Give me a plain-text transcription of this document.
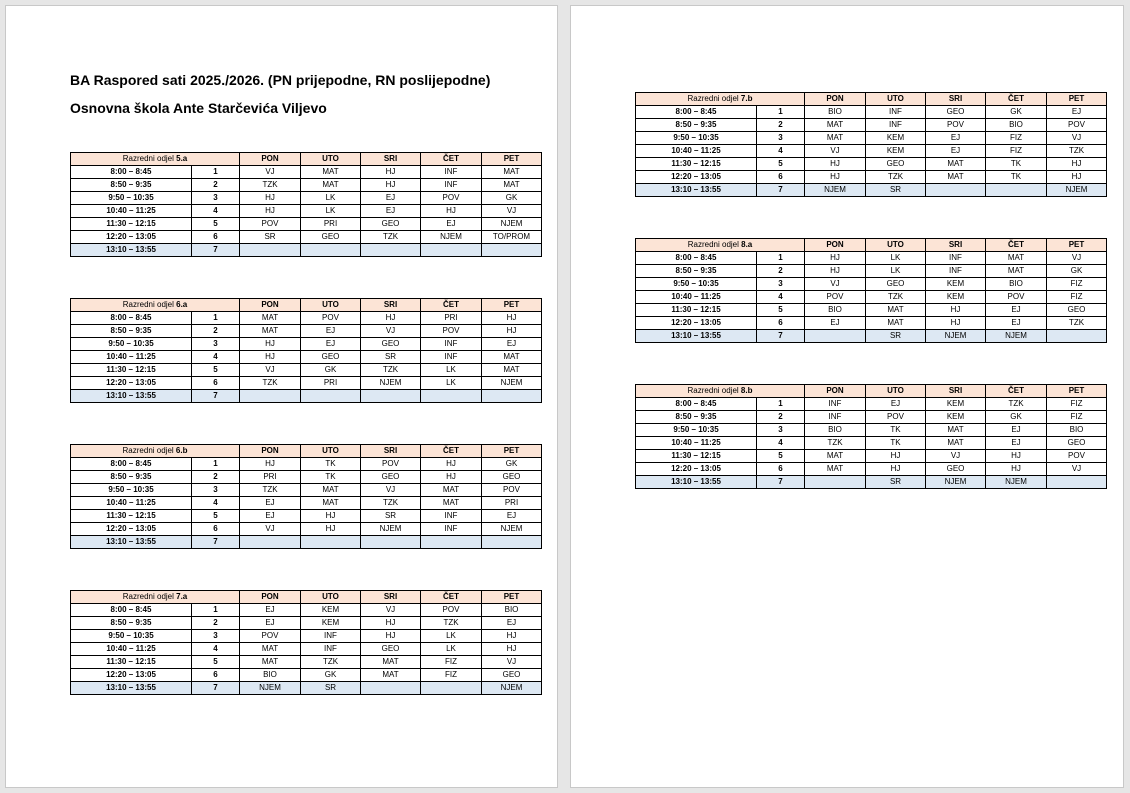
BA Raspored sati 2025./2026. (PN prijepodne, RN poslijepodne)
Osnovna škola Ante Starčevića Viljevo
Razredni odjel 5.a		PON	UTO	SRI	ČET	PET
8:00 – 8:45	1	VJ	MAT	HJ	INF	MAT
8:50 – 9:35	2	TZK	MAT	HJ	INF	MAT
9:50 – 10:35	3	HJ	LK	EJ	POV	GK
10:40 – 11:25	4	HJ	LK	EJ	HJ	VJ
11:30 – 12:15	5	POV	PRI	GEO	EJ	NJEM
12:20 – 13:05	6	SR	GEO	TZK	NJEM	TO/PROM
13:10 – 13:55	7					
Razredni odjel 6.a		PON	UTO	SRI	ČET	PET
8:00 – 8:45	1	MAT	POV	HJ	PRI	HJ
8:50 – 9:35	2	MAT	EJ	VJ	POV	HJ
9:50 – 10:35	3	HJ	EJ	GEO	INF	EJ
10:40 – 11:25	4	HJ	GEO	SR	INF	MAT
11:30 – 12:15	5	VJ	GK	TZK	LK	MAT
12:20 – 13:05	6	TZK	PRI	NJEM	LK	NJEM
13:10 – 13:55	7					
Razredni odjel 6.b		PON	UTO	SRI	ČET	PET
8:00 – 8:45	1	HJ	TK	POV	HJ	GK
8:50 – 9:35	2	PRI	TK	GEO	HJ	GEO
9:50 – 10:35	3	TZK	MAT	VJ	MAT	POV
10:40 – 11:25	4	EJ	MAT	TZK	MAT	PRI
11:30 – 12:15	5	EJ	HJ	SR	INF	EJ
12:20 – 13:05	6	VJ	HJ	NJEM	INF	NJEM
13:10 – 13:55	7					
Razredni odjel 7.a		PON	UTO	SRI	ČET	PET
8:00 – 8:45	1	EJ	KEM	VJ	POV	BIO
8:50 – 9:35	2	EJ	KEM	HJ	TZK	EJ
9:50 – 10:35	3	POV	INF	HJ	LK	HJ
10:40 – 11:25	4	MAT	INF	GEO	LK	HJ
11:30 – 12:15	5	MAT	TZK	MAT	FIZ	VJ
12:20 – 13:05	6	BIO	GK	MAT	FIZ	GEO
13:10 – 13:55	7	NJEM	SR			NJEM
Razredni odjel 7.b		PON	UTO	SRI	ČET	PET
8:00 – 8:45	1	BIO	INF	GEO	GK	EJ
8:50 – 9:35	2	MAT	INF	POV	BIO	POV
9:50 – 10:35	3	MAT	KEM	EJ	FIZ	VJ
10:40 – 11:25	4	VJ	KEM	EJ	FIZ	TZK
11:30 – 12:15	5	HJ	GEO	MAT	TK	HJ
12:20 – 13:05	6	HJ	TZK	MAT	TK	HJ
13:10 – 13:55	7	NJEM	SR			NJEM
Razredni odjel 8.a		PON	UTO	SRI	ČET	PET
8:00 – 8:45	1	HJ	LK	INF	MAT	VJ
8:50 – 9:35	2	HJ	LK	INF	MAT	GK
9:50 – 10:35	3	VJ	GEO	KEM	BIO	FIZ
10:40 – 11:25	4	POV	TZK	KEM	POV	FIZ
11:30 – 12:15	5	BIO	MAT	HJ	EJ	GEO
12:20 – 13:05	6	EJ	MAT	HJ	EJ	TZK
13:10 – 13:55	7		SR	NJEM	NJEM	
Razredni odjel 8.b		PON	UTO	SRI	ČET	PET
8:00 – 8:45	1	INF	EJ	KEM	TZK	FIZ
8:50 – 9:35	2	INF	POV	KEM	GK	FIZ
9:50 – 10:35	3	BIO	TK	MAT	EJ	BIO
10:40 – 11:25	4	TZK	TK	MAT	EJ	GEO
11:30 – 12:15	5	MAT	HJ	VJ	HJ	POV
12:20 – 13:05	6	MAT	HJ	GEO	HJ	VJ
13:10 – 13:55	7		SR	NJEM	NJEM	
